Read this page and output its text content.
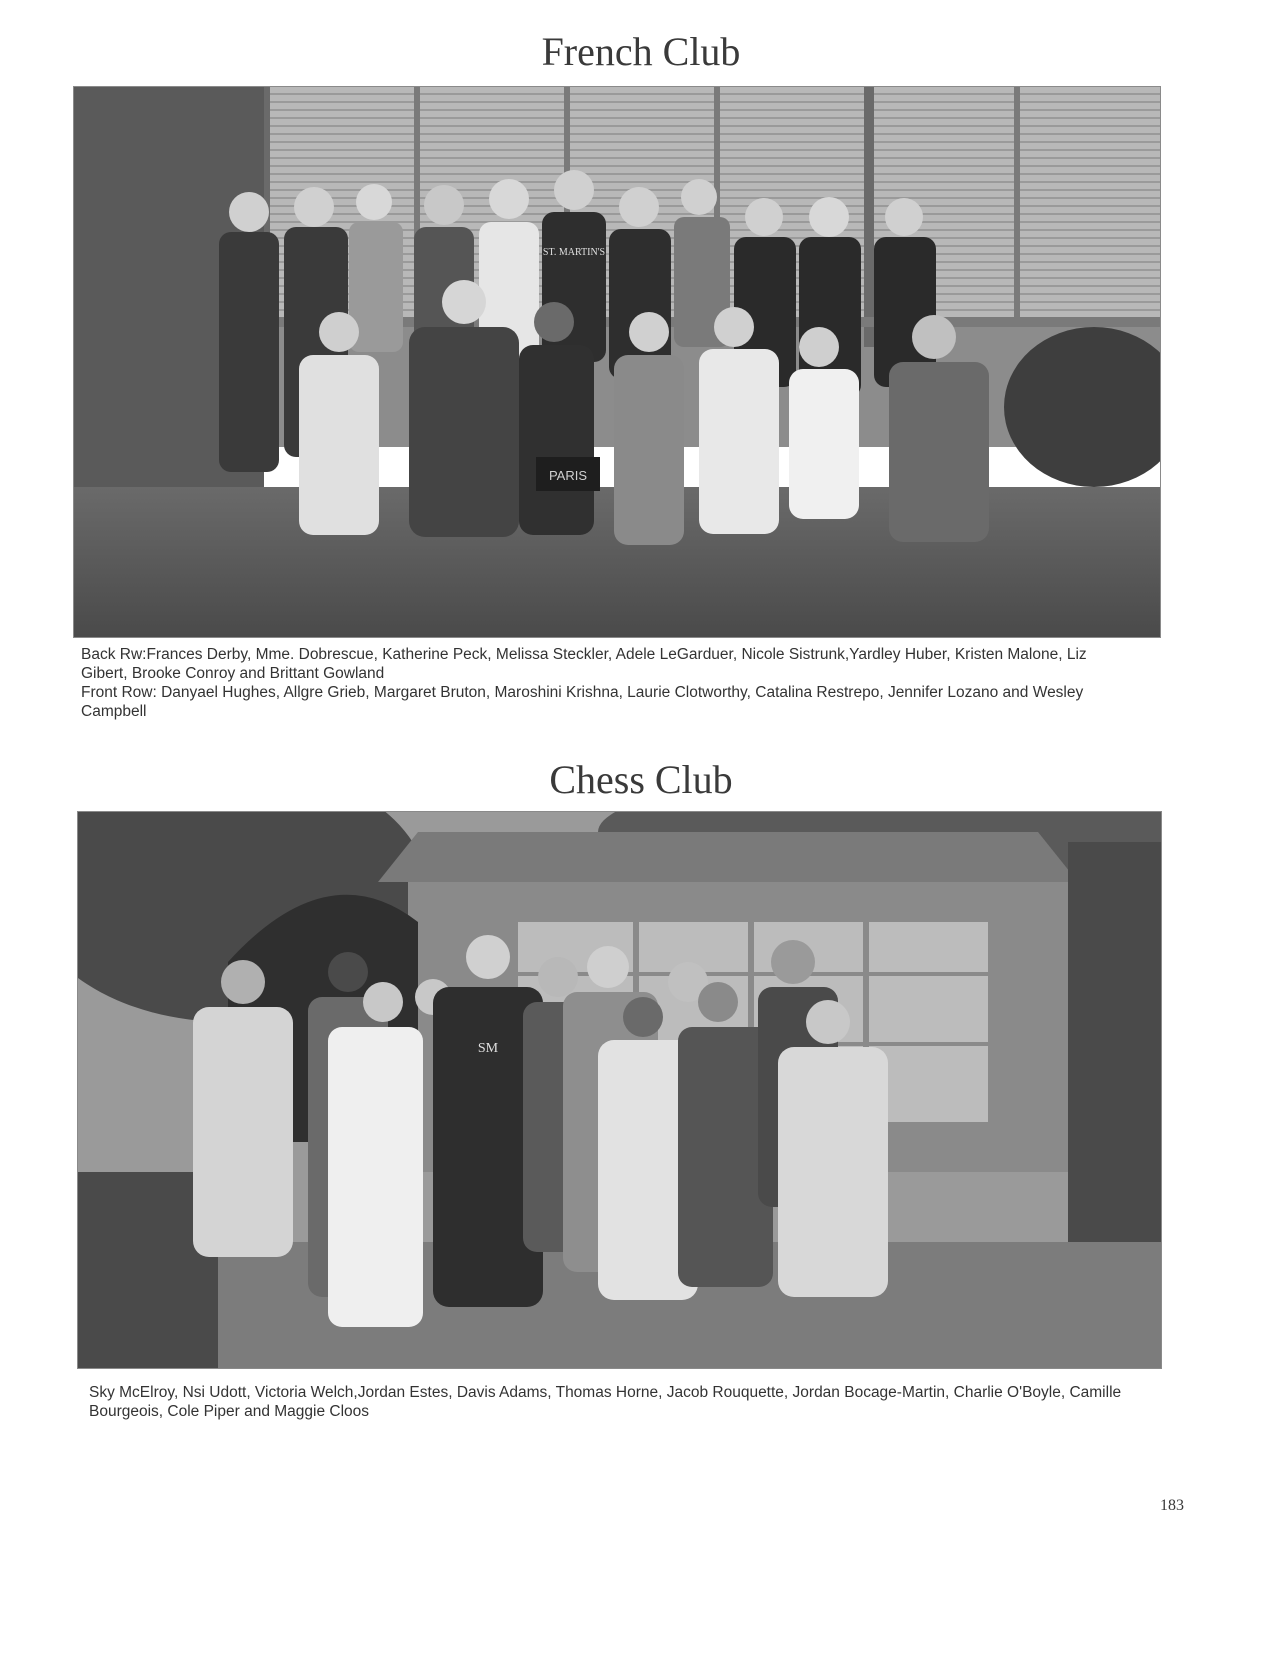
French Club
PARIS
ST. MARTIN'S

Back Rw:Frances Derby, Mme. Dobrescue, Katherine Peck, Melissa Steckler, Adele LeGarduer, Nicole Sistrunk,Yardley Huber, Kristen Malone, Liz Gibert, Brooke Conroy and Brittant Gowland
Front Row: Danyael Hughes, Allgre Grieb, Margaret Bruton, Maroshini Krishna, Laurie Clotworthy, Catalina Restrepo, Jennifer Lozano and Wesley Campbell

Chess Club
SM

Sky McElroy, Nsi Udott, Victoria Welch,Jordan Estes, Davis Adams, Thomas Horne, Jacob Rouquette, Jordan Bocage-Martin, Charlie O'Boyle, Camille Bourgeois, Cole Piper and Maggie Cloos

183
